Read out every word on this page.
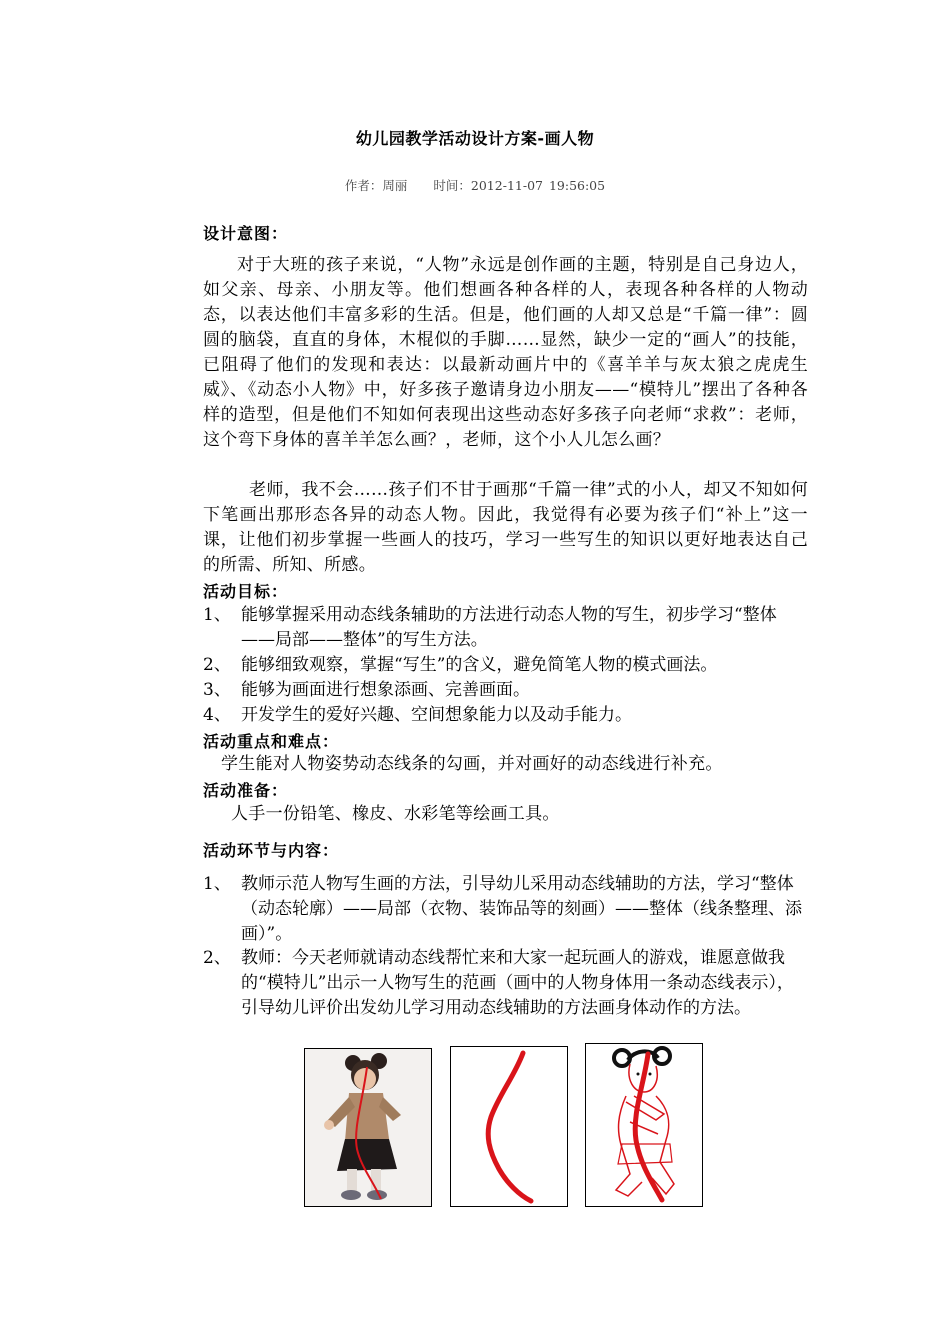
幼儿园教学活动设计方案-画人物
作者：周丽 时间：2012-11-07 19:56:05
设计意图：
对于大班的孩子来说，“人物”永远是创作画的主题，特别是自己身边人，如父亲、母亲、小朋友等。他们想画各种各样的人，表现各种各样的人物动态，以表达他们丰富多彩的生活。但是，他们画的人却又总是“千篇一律”：圆圆的脑袋，直直的身体，木棍似的手脚……显然，缺少一定的“画人”的技能，已阻碍了他们的发现和表达：以最新动画片中的《喜羊羊与灰太狼之虎虎生威》、《动态小人物》中，好多孩子邀请身边小朋友——“模特儿”摆出了各种各样的造型，但是他们不知如何表现出这些动态好多孩子向老师“求救”：老师，这个弯下身体的喜羊羊怎么画？，老师，这个小人儿怎么画？
老师，我不会……孩子们不甘于画那“千篇一律”式的小人，却又不知如何下笔画出那形态各异的动态人物。因此，我觉得有必要为孩子们“补上”这一课，让他们初步掌握一些画人的技巧，学习一些写生的知识以更好地表达自己的所需、所知、所感。
活动目标：
1、 能够掌握采用动态线条辅助的方法进行动态人物的写生，初步学习“整体——局部——整体”的写生方法。
2、 能够细致观察，掌握“写生”的含义，避免简笔人物的模式画法。
3、 能够为画面进行想象添画、完善画面。
4、 开发学生的爱好兴趣、空间想象能力以及动手能力。
活动重点和难点：
学生能对人物姿势动态线条的勾画，并对画好的动态线进行补充。
活动准备：
人手一份铅笔、橡皮、水彩笔等绘画工具。
活动环节与内容：
1、 教师示范人物写生画的方法，引导幼儿采用动态线辅助的方法，学习“整体（动态轮廓）——局部（衣物、装饰品等的刻画）——整体（线条整理、添画）”。
2、 教师：今天老师就请动态线帮忙来和大家一起玩画人的游戏，谁愿意做我的“模特儿”出示一人物写生的范画（画中的人物身体用一条动态线表示），引导幼儿评价出发幼儿学习用动态线辅助的方法画身体动作的方法。
